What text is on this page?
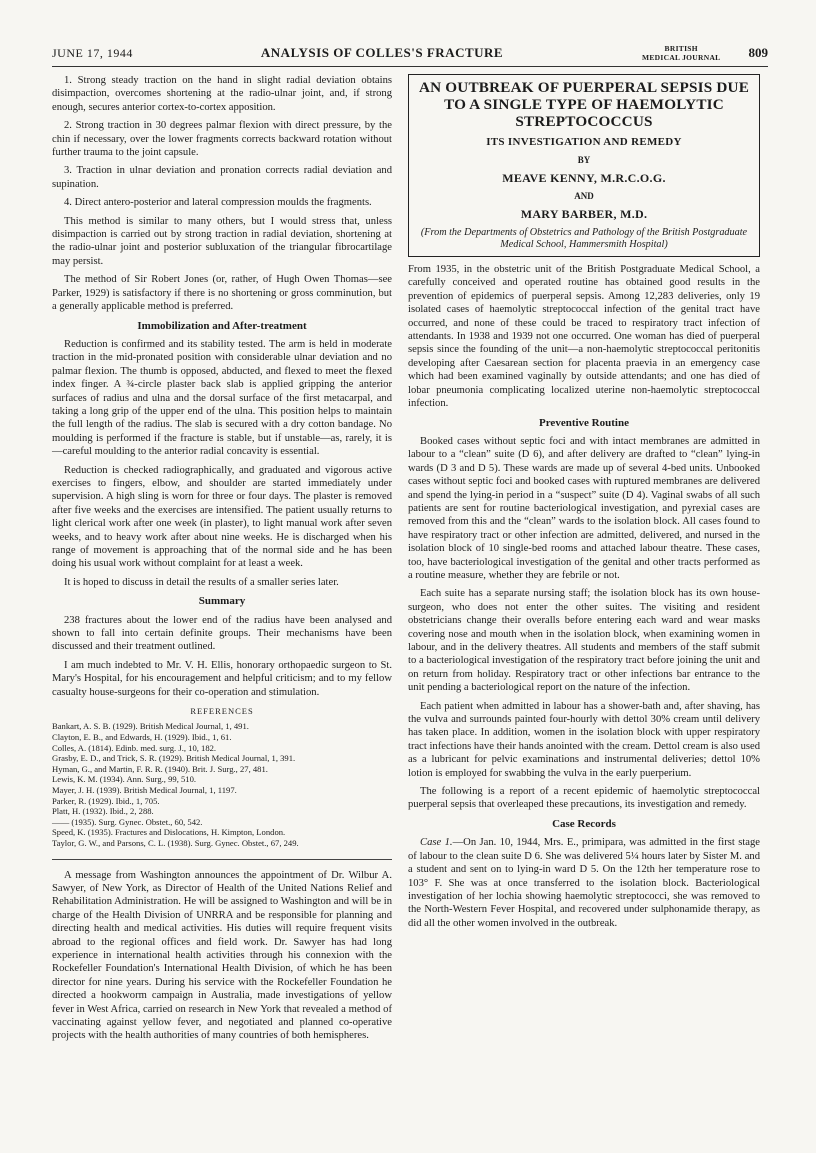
JUNE 17, 1944	ANALYSIS OF COLLES'S FRACTURE	BRITISH
MEDICAL JOURNAL 809

1. Strong steady traction on the hand in slight radial deviation obtains disimpaction, overcomes shortening at the radio-ulnar joint, and, if strong enough, secures anterior cortex-to-cortex apposition.

2. Strong traction in 30 degrees palmar flexion with direct pressure, by the chin if necessary, over the lower fragments corrects backward rotation without further trauma to the joint capsule.

3. Traction in ulnar deviation and pronation corrects radial deviation and supination.

4. Direct antero-posterior and lateral compression moulds the fragments.

This method is similar to many others, but I would stress that, unless disimpaction is carried out by strong traction in radial deviation, shortening at the radio-ulnar joint and posterior subluxation of the triangular fibrocartilage may persist.

The method of Sir Robert Jones (or, rather, of Hugh Owen Thomas—see Parker, 1929) is satisfactory if there is no shortening or gross comminution, but a generally applicable method is preferred.

Immobilization and After-treatment

Reduction is confirmed and its stability tested. The arm is held in moderate traction in the mid-pronated position with considerable ulnar deviation and no palmar flexion. The thumb is opposed, abducted, and flexed to meet the flexed index finger. A ¾-circle plaster back slab is applied gripping the anterior surfaces of radius and ulna and the dorsal surface of the first metacarpal, and taking a long grip of the upper end of the ulna. This position helps to maintain the full length of the radius. The slab is secured with a dry cotton bandage. No moulding is performed if the fracture is stable, but if unstable—as, rarely, it is—careful moulding to the anterior radial concavity is essential.

Reduction is checked radiographically, and graduated and vigorous active exercises to fingers, elbow, and shoulder are started immediately under supervision. A high sling is worn for three or four days. The plaster is removed after five weeks and the exercises are intensified. The patient usually returns to light clerical work after one week (in plaster), to light manual work after seven weeks, and to heavy work after about nine weeks. He is discharged when his range of movement is approaching that of the normal side and he has been doing his usual work without complaint for at least a week.

It is hoped to discuss in detail the results of a smaller series later.

Summary

238 fractures about the lower end of the radius have been analysed and shown to fall into certain definite groups. Their mechanisms have been discussed and their treatment outlined.

I am much indebted to Mr. V. H. Ellis, honorary orthopaedic surgeon to St. Mary's Hospital, for his encouragement and helpful criticism; and to my fellow casualty house-surgeons for their co-operation and stimulation.

REFERENCES
Bankart, A. S. B. (1929). British Medical Journal, 1, 491.
Clayton, E. B., and Edwards, H. (1929). Ibid., 1, 61.
Colles, A. (1814). Edinb. med. surg. J., 10, 182.
Grasby, E. D., and Trick, S. R. (1929). British Medical Journal, 1, 391.
Hyman, G., and Martin, F. R. R. (1940). Brit. J. Surg., 27, 481.
Lewis, K. M. (1934). Ann. Surg., 99, 510.
Mayer, J. H. (1939). British Medical Journal, 1, 1197.
Parker, R. (1929). Ibid., 1, 705.
Platt, H. (1932). Ibid., 2, 288.
—— (1935). Surg. Gynec. Obstet., 60, 542.
Speed, K. (1935). Fractures and Dislocations, H. Kimpton, London.
Taylor, G. W., and Parsons, C. L. (1938). Surg. Gynec. Obstet., 67, 249.

A message from Washington announces the appointment of Dr. Wilbur A. Sawyer, of New York, as Director of Health of the United Nations Relief and Rehabilitation Administration. He will be assigned to Washington and will be in charge of the Health Division of UNRRA and be responsible for planning and directing health and medical activities. His duties will require frequent visits abroad to the regional offices and field work. Dr. Sawyer has had long experience in international health activities through his connexion with the Rockefeller Foundation's International Health Division, of which he has been director for nine years. During his service with the Rockefeller Foundation he directed a hookworm campaign in Australia, made investigations of yellow fever in West Africa, carried on research in New York that revealed a method of vaccinating against yellow fever, and negotiated and planned co-operative projects with the health authorities of many countries of both hemispheres.

AN OUTBREAK OF PUERPERAL SEPSIS DUE TO A SINGLE TYPE OF HAEMOLYTIC STREPTOCOCCUS
ITS INVESTIGATION AND REMEDY
BY
MEAVE KENNY, M.R.C.O.G.
AND
MARY BARBER, M.D.
(From the Departments of Obstetrics and Pathology of the British Postgraduate Medical School, Hammersmith Hospital)

From 1935, in the obstetric unit of the British Postgraduate Medical School, a carefully conceived and operated routine has obtained good results in the prevention of epidemics of puerperal sepsis. Among 12,283 deliveries, only 19 isolated cases of haemolytic streptococcal infection of the genital tract have occurred, and none of these could be traced to respiratory tract infection of attendants. In 1938 and 1939 not one occurred. One woman has died of puerperal sepsis since the founding of the unit—a non-haemolytic streptococcal peritonitis developing after Caesarean section for placenta praevia in an emergency case which had been examined vaginally by outside attendants; and one has died of lobar pneumonia complicating localized uterine non-haemolytic streptococcal infection.

Preventive Routine

Booked cases without septic foci and with intact membranes are admitted in labour to a “clean” suite (D 6), and after delivery are drafted to “clean” lying-in wards (D 3 and D 5). These wards are made up of several 4-bed units. Unbooked cases without septic foci and booked cases with ruptured membranes are delivered and spend the lying-in period in a “suspect” suite (D 4). Vaginal swabs of all such patients are sent for routine bacteriological investigation, and pyrexial cases are removed from this and the “clean” wards to the isolation block. All cases found to have respiratory tract or other infection are admitted, delivered, and nursed in the isolation block of 10 single-bed rooms and attached labour theatre. These cases, too, have bacteriological investigation of the genital and other tracts performed as a routine measure, whether they are febrile or not.

Each suite has a separate nursing staff; the isolation block has its own house-surgeon, who does not enter the other suites. The visiting and resident obstetricians change their overalls before entering each ward and wear masks covering nose and mouth when in the isolation block, when examining women in labour, and in the delivery theatres. All students and members of the staff submit to a bacteriological investigation of the respiratory tract before joining the unit and on return from holiday. Respiratory tract or other infections bar entrance to the unit pending a bacteriological report on the nature of the infection.

Each patient when admitted in labour has a shower-bath and, after shaving, has the vulva and surrounds painted four-hourly with dettol 30% cream until delivery has taken place. In addition, women in the isolation block with upper respiratory tract infections have their hands anointed with the cream. Dettol cream is also used as a lubricant for pelvic examinations and instrumental deliveries; dettol 10% lotion is employed for swabbing the vulva in the early puerperium.

The following is a report of a recent epidemic of haemolytic streptococcal puerperal sepsis that overleaped these precautions, its investigation and remedy.

Case Records

Case 1.—On Jan. 10, 1944, Mrs. E., primipara, was admitted in the first stage of labour to the clean suite D 6. She was delivered 5¼ hours later by Sister M. and a student and sent on to lying-in ward D 5. On the 12th her temperature rose to 103° F. She was at once transferred to the isolation block. Bacteriological investigation of her lochia showing haemolytic streptococci, she was removed to the North-Western Fever Hospital, and recovered under sulphonamide therapy, as did all the other women involved in the outbreak.
